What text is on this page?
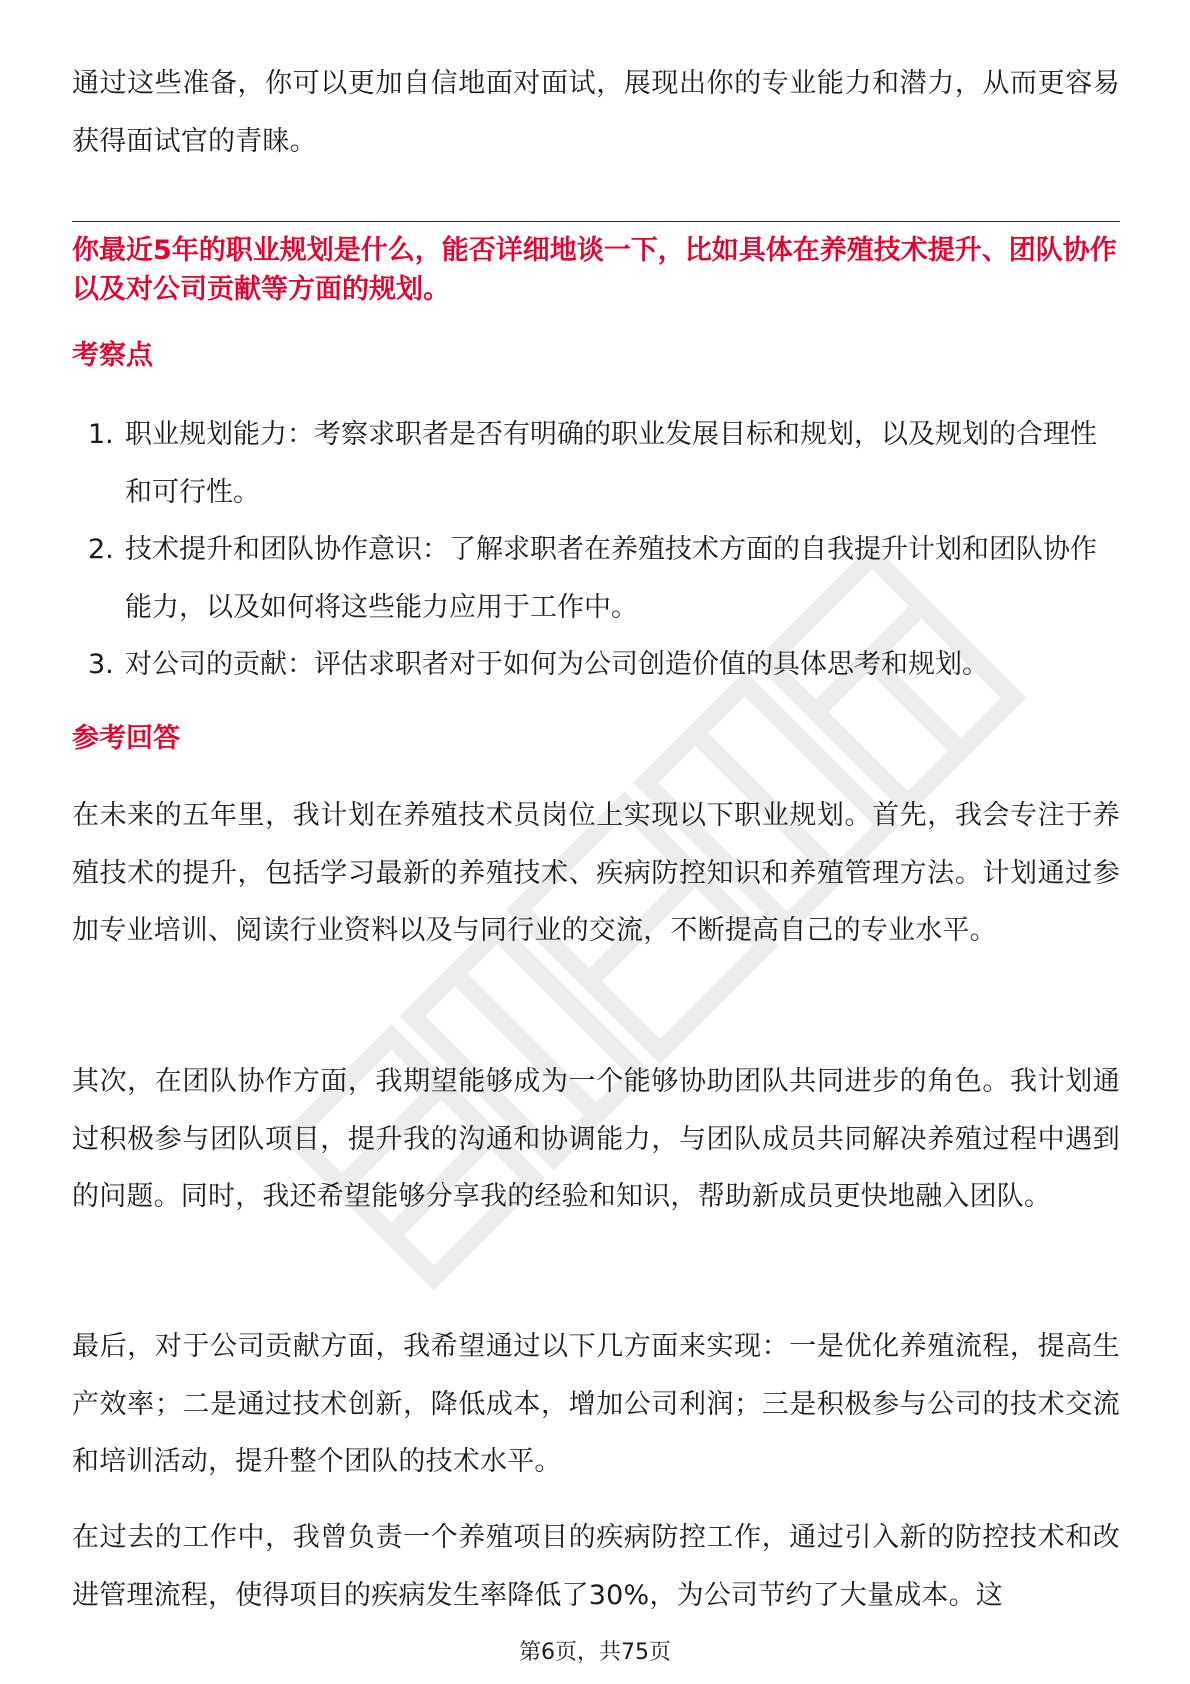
通过这些准备，你可以更加自信地面对面试，展现出你的专业能力和潜力，从而更容易获得面试官的青睐。

你最近5年的职业规划是什么，能否详细地谈一下，比如具体在养殖技术提升、团队协作以及对公司贡献等方面的规划。

考察点
1. 职业规划能力：考察求职者是否有明确的职业发展目标和规划，以及规划的合理性和可行性。
2. 技术提升和团队协作意识：了解求职者在养殖技术方面的自我提升计划和团队协作能力，以及如何将这些能力应用于工作中。
3. 对公司的贡献：评估求职者对于如何为公司创造价值的具体思考和规划。
参考回答

在未来的五年里，我计划在养殖技术员岗位上实现以下职业规划。首先，我会专注于养殖技术的提升，包括学习最新的养殖技术、疾病防控知识和养殖管理方法。计划通过参加专业培训、阅读行业资料以及与同行业的交流，不断提高自己的专业水平。

其次，在团队协作方面，我期望能够成为一个能够协助团队共同进步的角色。我计划通过积极参与团队项目，提升我的沟通和协调能力，与团队成员共同解决养殖过程中遇到的问题。同时，我还希望能够分享我的经验和知识，帮助新成员更快地融入团队。

最后，对于公司贡献方面，我希望通过以下几方面来实现：一是优化养殖流程，提高生产效率；二是通过技术创新，降低成本，增加公司利润；三是积极参与公司的技术交流和培训活动，提升整个团队的技术水平。

在过去的工作中，我曾负责一个养殖项目的疾病防控工作，通过引入新的防控技术和改进管理流程，使得项目的疾病发生率降低了30%，为公司节约了大量成本。这

第6页，共75页
